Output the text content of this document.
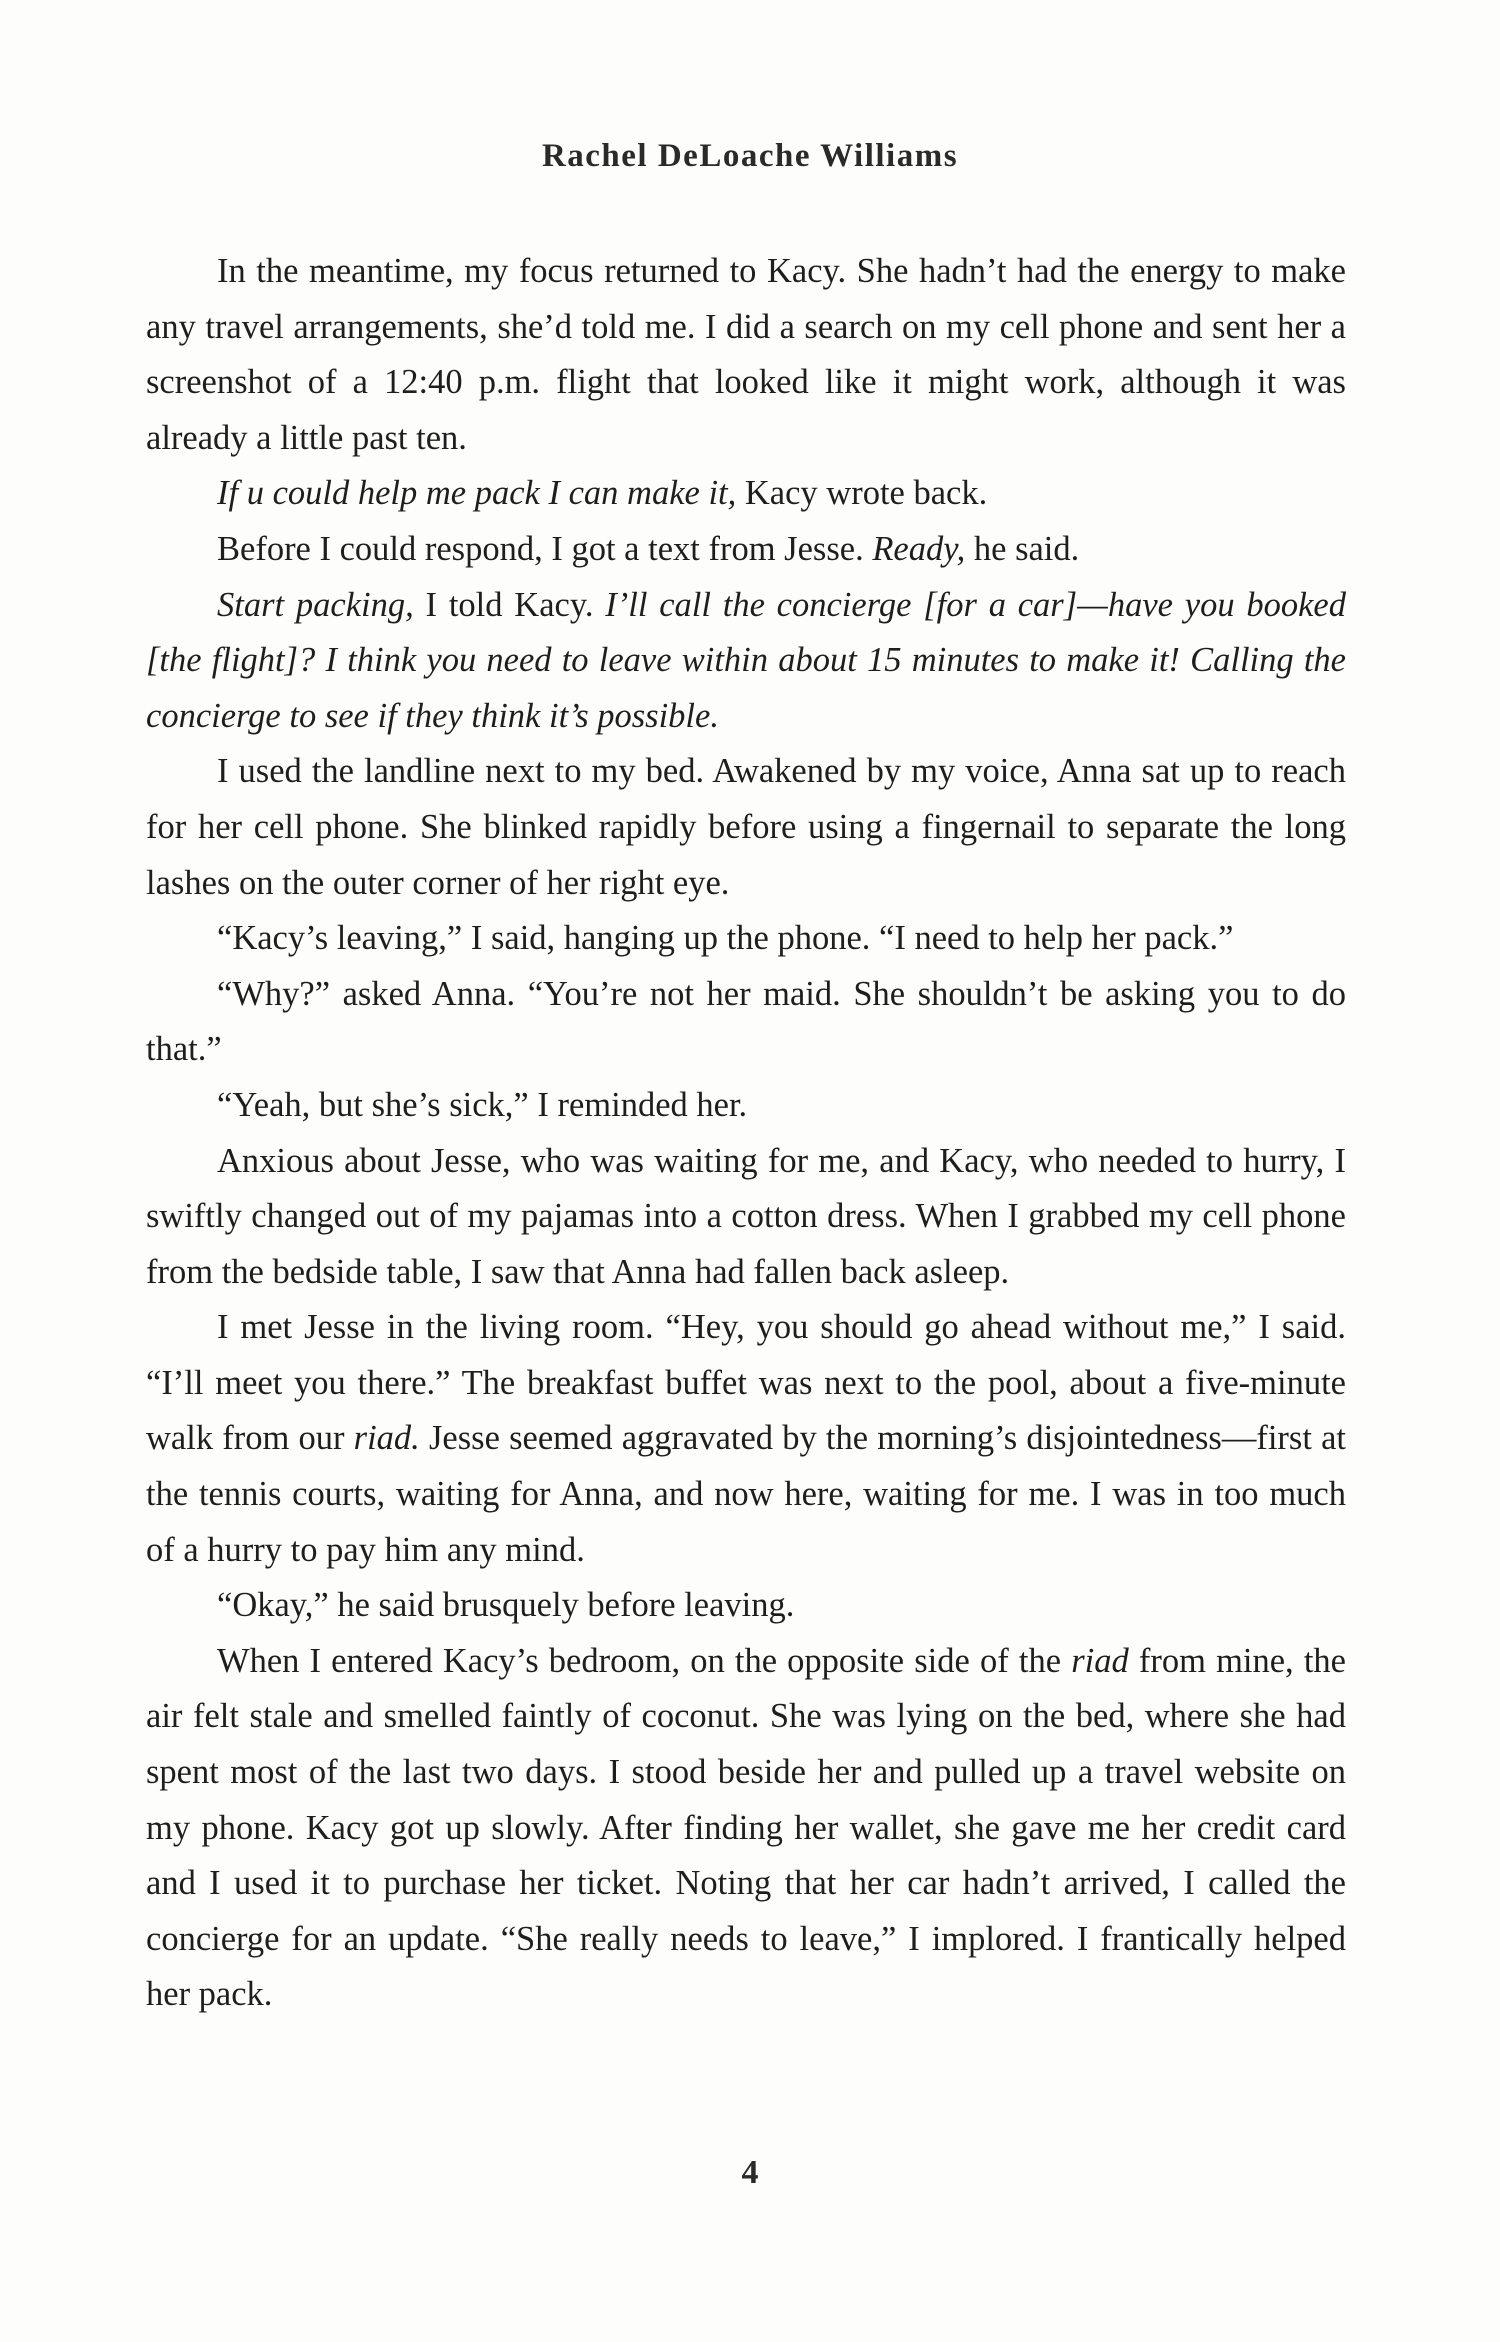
Rachel DeLoache Williams

In the meantime, my focus returned to Kacy. She hadn’t had the energy to make any travel arrangements, she’d told me. I did a search on my cell phone and sent her a screenshot of a 12:40 p.m. flight that looked like it might work, although it was already a little past ten.

If u could help me pack I can make it, Kacy wrote back.

Before I could respond, I got a text from Jesse. Ready, he said.

Start packing, I told Kacy. I’ll call the concierge [for a car]—have you booked [the flight]? I think you need to leave within about 15 minutes to make it! Calling the concierge to see if they think it’s possible.

I used the landline next to my bed. Awakened by my voice, Anna sat up to reach for her cell phone. She blinked rapidly before using a fingernail to separate the long lashes on the outer corner of her right eye.

“Kacy’s leaving,” I said, hanging up the phone. “I need to help her pack.”

“Why?” asked Anna. “You’re not her maid. She shouldn’t be asking you to do that.”

“Yeah, but she’s sick,” I reminded her.

Anxious about Jesse, who was waiting for me, and Kacy, who needed to hurry, I swiftly changed out of my pajamas into a cotton dress. When I grabbed my cell phone from the bedside table, I saw that Anna had fallen back asleep.

I met Jesse in the living room. “Hey, you should go ahead without me,” I said. “I’ll meet you there.” The breakfast buffet was next to the pool, about a five-minute walk from our riad. Jesse seemed aggravated by the morning’s disjointedness—first at the tennis courts, waiting for Anna, and now here, waiting for me. I was in too much of a hurry to pay him any mind.

“Okay,” he said brusquely before leaving.

When I entered Kacy’s bedroom, on the opposite side of the riad from mine, the air felt stale and smelled faintly of coconut. She was lying on the bed, where she had spent most of the last two days. I stood beside her and pulled up a travel website on my phone. Kacy got up slowly. After finding her wallet, she gave me her credit card and I used it to purchase her ticket. Noting that her car hadn’t arrived, I called the concierge for an update. “She really needs to leave,” I implored. I frantically helped her pack.

4
